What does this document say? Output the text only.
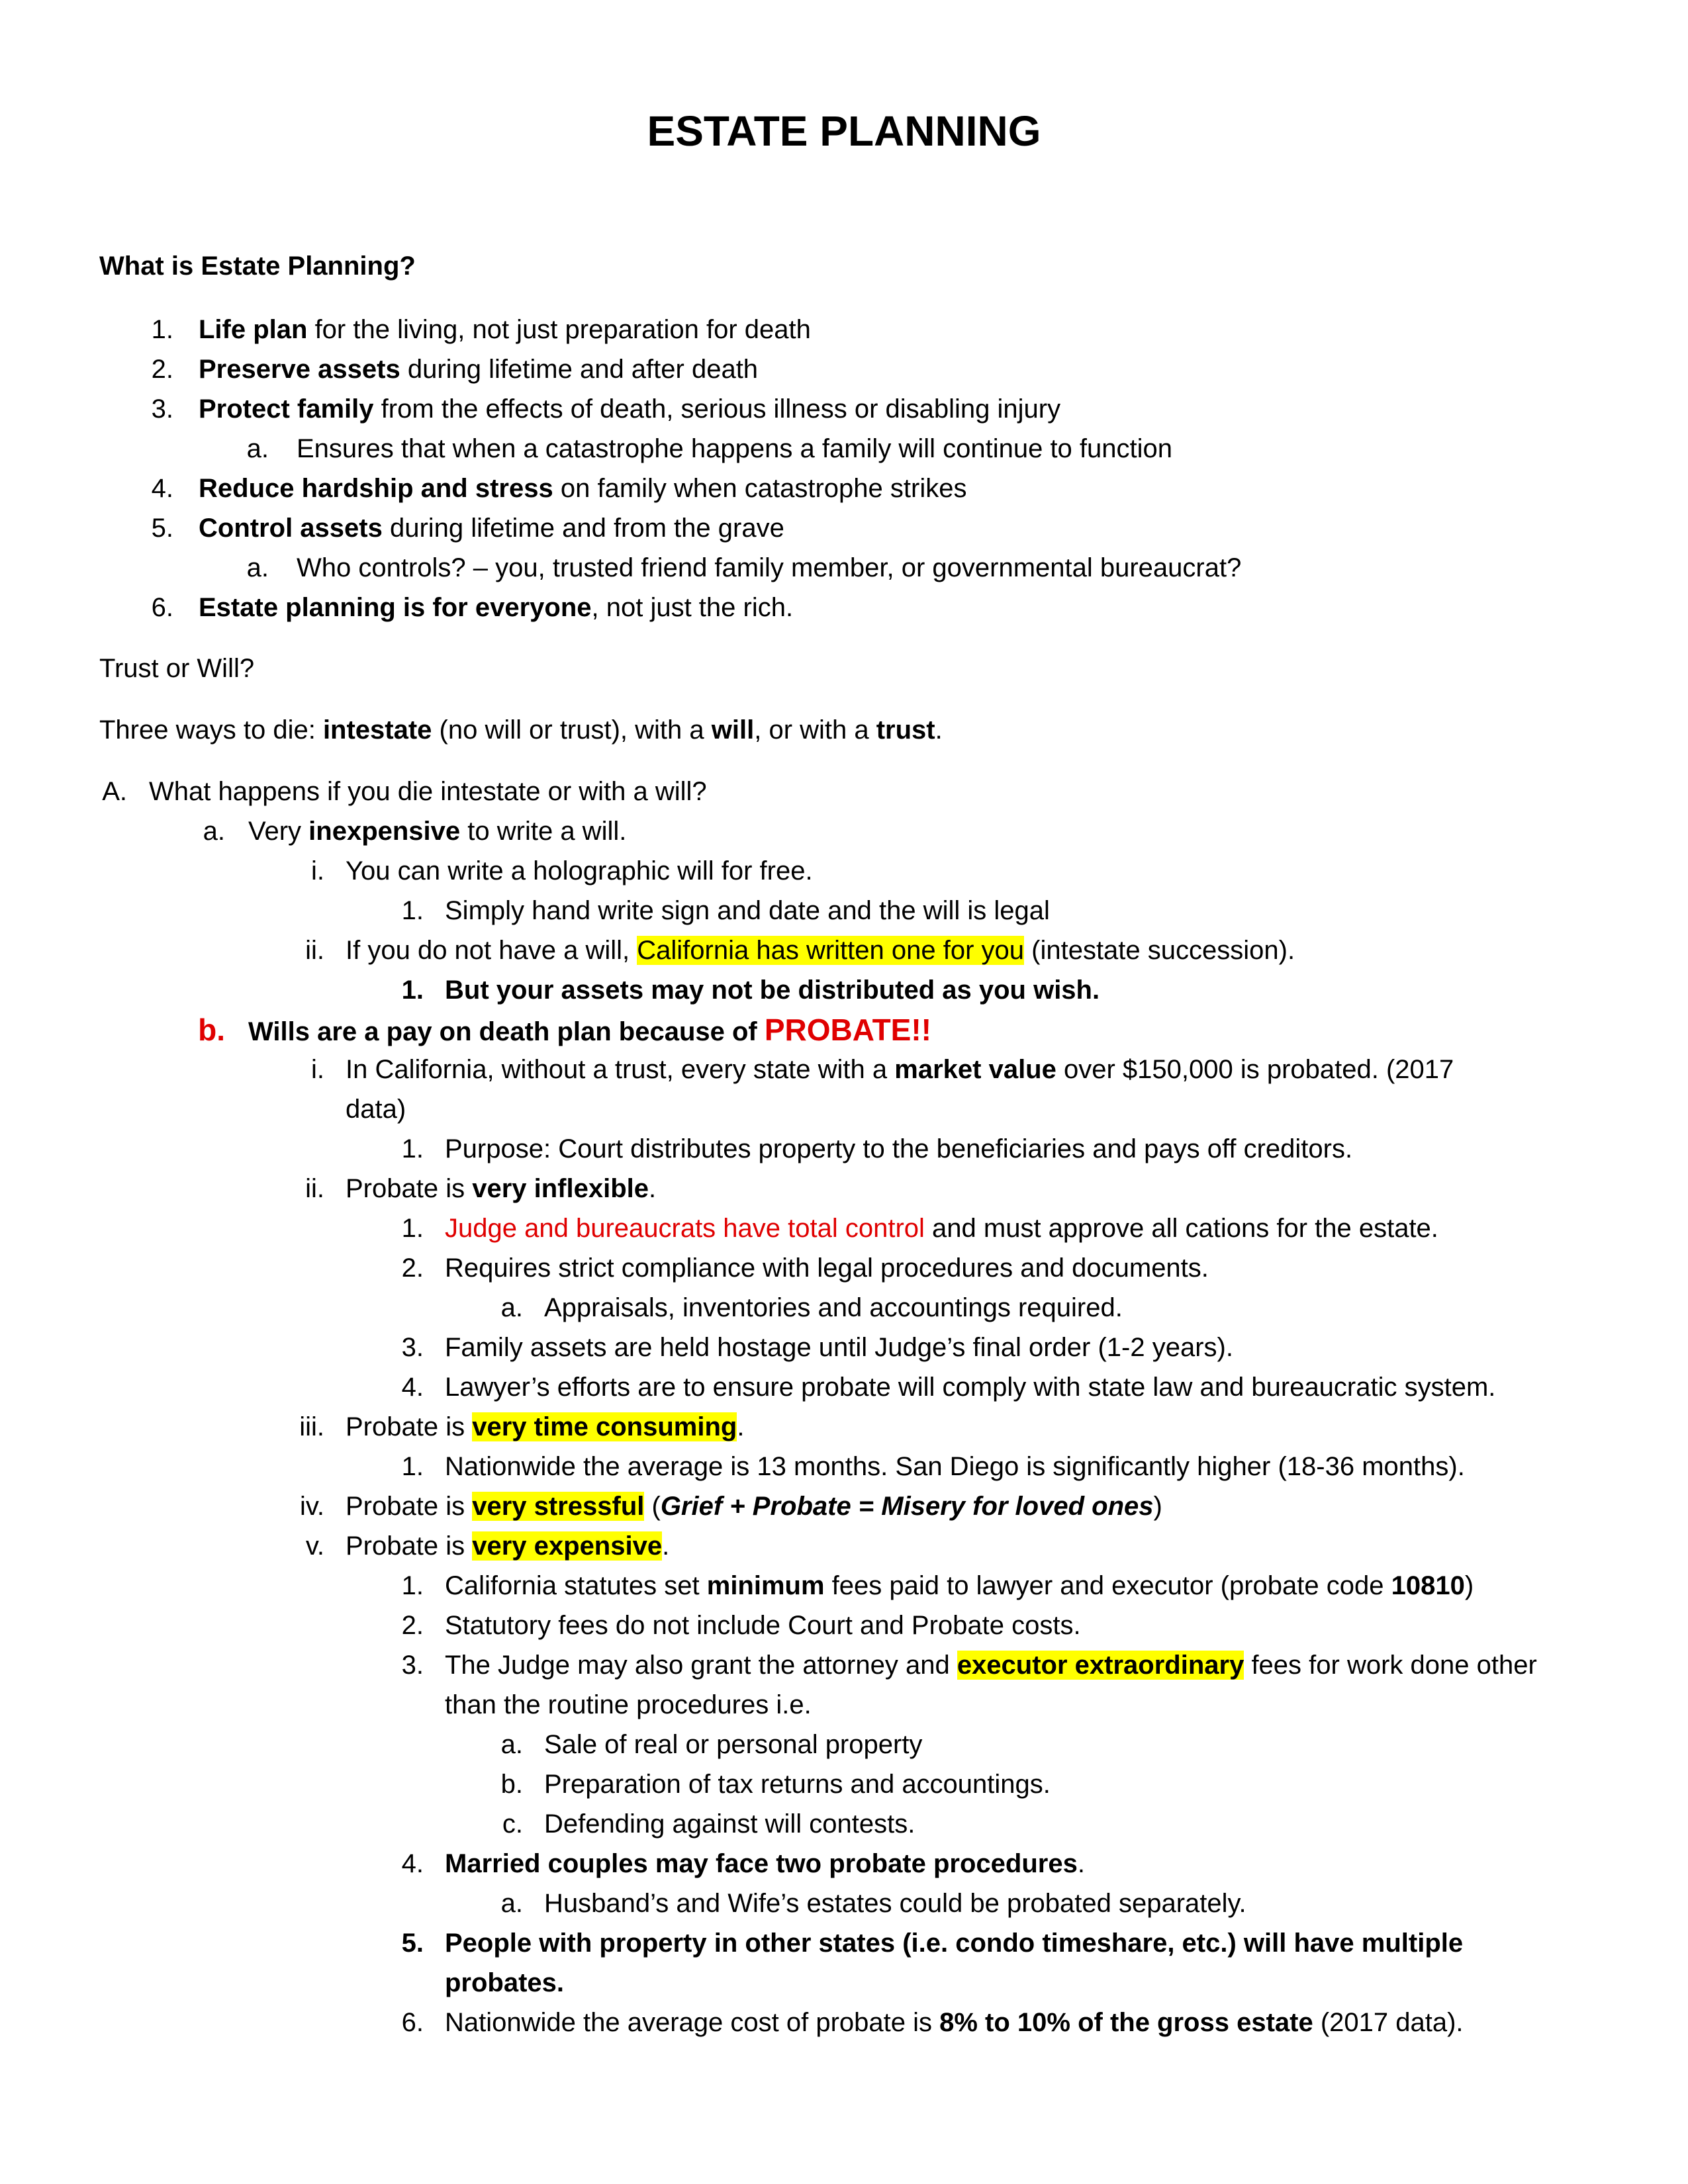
ESTATE PLANNING

What is Estate Planning?

1. Life plan for the living, not just preparation for death

2. Preserve assets during lifetime and after death

3. Protect family from the effects of death, serious illness or disabling injury

a. Ensures that when a catastrophe happens a family will continue to function

4. Reduce hardship and stress on family when catastrophe strikes

5. Control assets during lifetime and from the grave

a. Who controls? – you, trusted friend family member, or governmental bureaucrat?

6. Estate planning is for everyone, not just the rich.

Trust or Will?

Three ways to die: intestate (no will or trust), with a will, or with a trust.

A. What happens if you die intestate or with a will?

a. Very inexpensive to write a will.

i. You can write a holographic will for free.

1. Simply hand write sign and date and the will is legal

ii. If you do not have a will, California has written one for you (intestate succession).

1. But your assets may not be distributed as you wish.

b. Wills are a pay on death plan because of PROBATE!!

i. In California, without a trust, every state with a market value over $150,000 is probated. (2017

data)

1. Purpose: Court distributes property to the beneficiaries and pays off creditors.

ii. Probate is very inflexible.

1. Judge and bureaucrats have total control and must approve all cations for the estate.

2. Requires strict compliance with legal procedures and documents.

a. Appraisals, inventories and accountings required.

3. Family assets are held hostage until Judge’s final order (1-2 years).

4. Lawyer’s efforts are to ensure probate will comply with state law and bureaucratic system.

iii. Probate is very time consuming.

1. Nationwide the average is 13 months. San Diego is significantly higher (18-36 months).

iv. Probate is very stressful (Grief + Probate = Misery for loved ones)

v. Probate is very expensive.

1. California statutes set minimum fees paid to lawyer and executor (probate code 10810)

2. Statutory fees do not include Court and Probate costs.

3. The Judge may also grant the attorney and executor extraordinary fees for work done other

than the routine procedures i.e.

a. Sale of real or personal property

b. Preparation of tax returns and accountings.

c. Defending against will contests.

4. Married couples may face two probate procedures.

a. Husband’s and Wife’s estates could be probated separately.

5. People with property in other states (i.e. condo timeshare, etc.) will have multiple

probates.

6. Nationwide the average cost of probate is 8% to 10% of the gross estate (2017 data).
